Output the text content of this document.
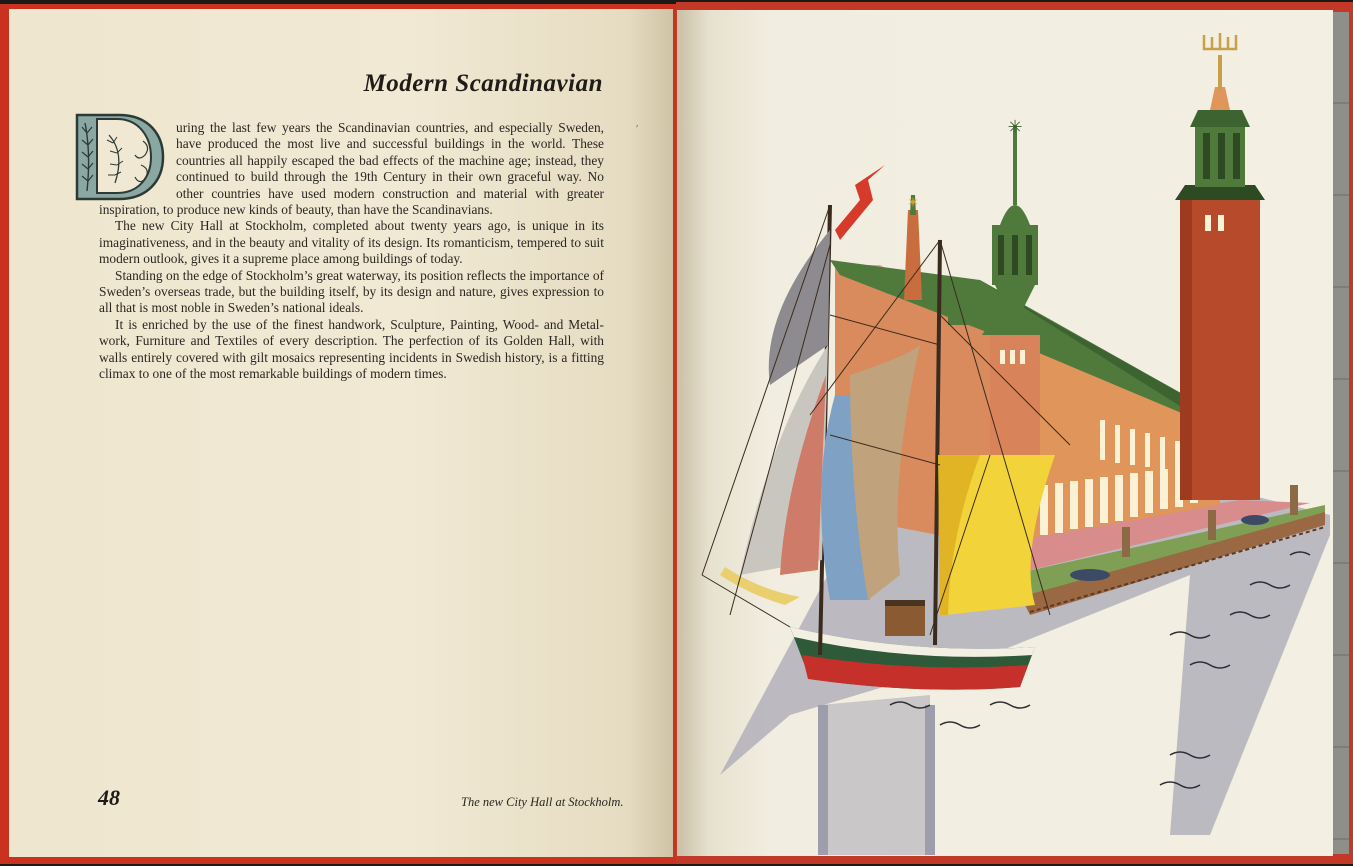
Modern Scandinavian

uring the last few years the Scandinavian countries, and especially Sweden, have produced the most live and successful buildings in the world. These countries all happily escaped the bad effects of the machine age; instead, they continued to build through the 19th Century in their own graceful way. No other countries have used modern construction and material with greater inspiration, to produce new kinds of beauty, than have the Scandinavians.

The new City Hall at Stockholm, completed about twenty years ago, is unique in its imaginativeness, and in the beauty and vitality of its design. Its romanticism, tempered to suit modern outlook, gives it a supreme place among buildings of today.

Standing on the edge of Stockholm’s great waterway, its position reflects the importance of Sweden’s overseas trade, but the building itself, by its design and nature, gives expression to all that is most noble in Sweden’s national ideals.

It is enriched by the use of the finest handwork, Sculpture, Painting, Wood- and Metal-work, Furniture and Textiles of every description. The perfection of its Golden Hall, with walls entirely covered with gilt mosaics representing incidents in Swedish history, is a fitting climax to one of the most remarkable buildings of modern times.

′
48	The new City Hall at Stockholm.
✶
✳
